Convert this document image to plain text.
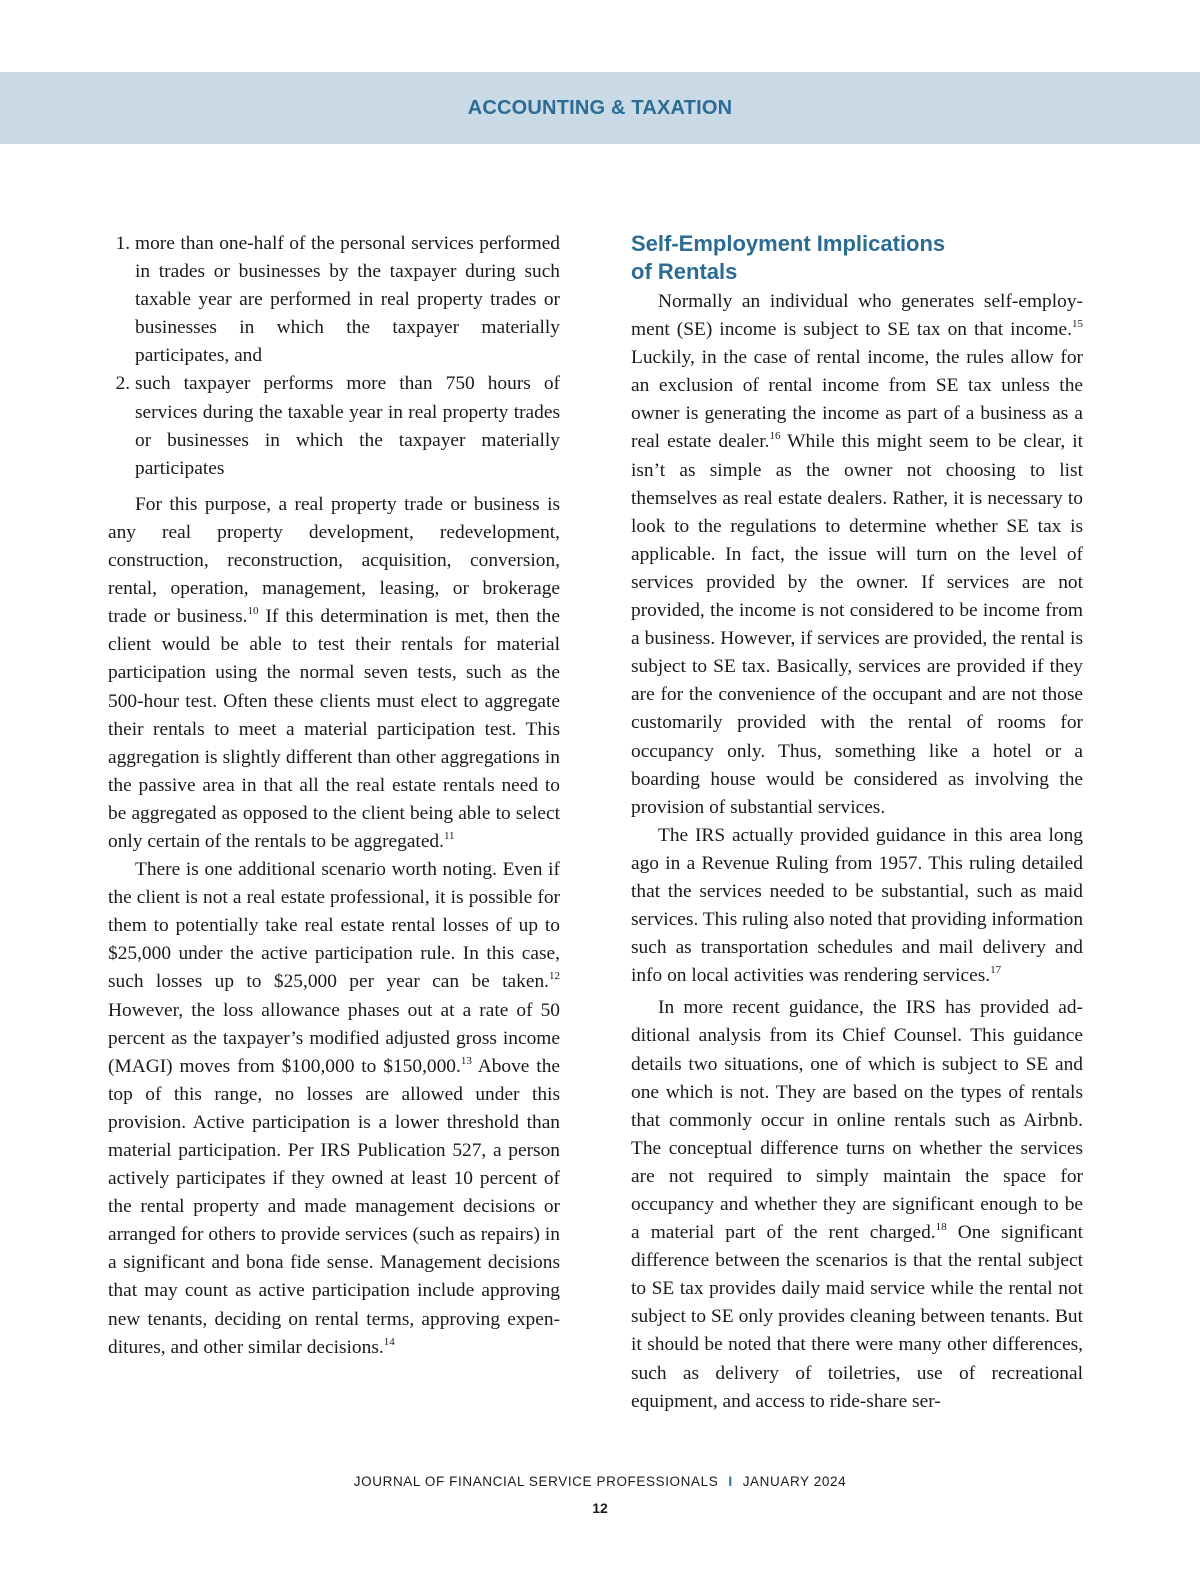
ACCOUNTING & TAXATION
1. more than one-half of the personal services performed in trades or businesses by the taxpayer during such taxable year are performed in real property trades or businesses in which the taxpayer materially participates, and
2. such taxpayer performs more than 750 hours of services during the taxable year in real property trades or businesses in which the taxpayer materially participates

For this purpose, a real property trade or business is any real property development, redevelopment, construction, reconstruction, acquisition, conversion, rental, operation, management, leasing, or brokerage trade or business.$^{10}$ If this determination is met, then the client would be able to test their rentals for material participation using the normal seven tests, such as the 500-hour test. Often these clients must elect to aggregate their rentals to meet a material participation test. This aggregation is slightly different than other aggregations in the passive area in that all the real estate rentals need to be aggregated as opposed to the client being able to select only certain of the rentals to be aggregated.$^{11}$

There is one additional scenario worth noting. Even if the client is not a real estate professional, it is possible for them to potentially take real estate rental losses of up to $25,000 under the active participation rule. In this case, such losses up to $25,000 per year can be taken.$^{12}$ However, the loss allowance phases out at a rate of 50 percent as the taxpayer’s modified adjusted gross income (MAGI) moves from $100,000 to $150,000.13 Above the top of this range, no losses are allowed under this provision. Active participation is a lower threshold than material participation. Per IRS Publication 527, a person actively participates if they owned at least 10 percent of the rental property and made management decisions or arranged for others to provide services (such as repairs) in a significant and bona fide sense. Management decisions that may count as active participation include approving new tenants, deciding on rental terms, approving expenditures, and other similar decisions.$^{14}$

Self-Employment Implications
of Rentals

Normally an individual who generates self-employment (SE) income is subject to SE tax on that income.$^{15}$ Luckily, in the case of rental income, the rules allow for an exclusion of rental income from SE tax unless the owner is generating the income as part of a business as a real estate dealer.$^{16}$ While this might seem to be clear, it isn’t as simple as the owner not choosing to list themselves as real estate dealers. Rather, it is necessary to look to the regulations to determine whether SE tax is applicable. In fact, the issue will turn on the level of services provided by the owner. If services are not provided, the income is not considered to be income from a business. However, if services are provided, the rental is subject to SE tax. Basically, services are provided if they are for the convenience of the occupant and are not those customarily provided with the rental of rooms for occupancy only. Thus, something like a hotel or a boarding house would be considered as involving the provision of substantial services.

The IRS actually provided guidance in this area long ago in a Revenue Ruling from 1957. This ruling detailed that the services needed to be substantial, such as maid services. This ruling also noted that providing information such as transportation schedules and mail delivery and info on local activities was rendering services.$^{17}$

In more recent guidance, the IRS has provided additional analysis from its Chief Counsel. This guidance details two situations, one of which is subject to SE and one which is not. They are based on the types of rentals that commonly occur in online rentals such as Airbnb. The conceptual difference turns on whether the services are not required to simply maintain the space for occupancy and whether they are significant enough to be a material part of the rent charged.$^{18}$ One significant difference between the scenarios is that the rental subject to SE tax provides daily maid service while the rental not subject to SE only provides cleaning between tenants. But it should be noted that there were many other differences, such as delivery of toiletries, use of recreational equipment, and access to ride-share ser-

JOURNAL OF FINANCIAL SERVICE PROFESSIONALS I JANUARY 2024
12
